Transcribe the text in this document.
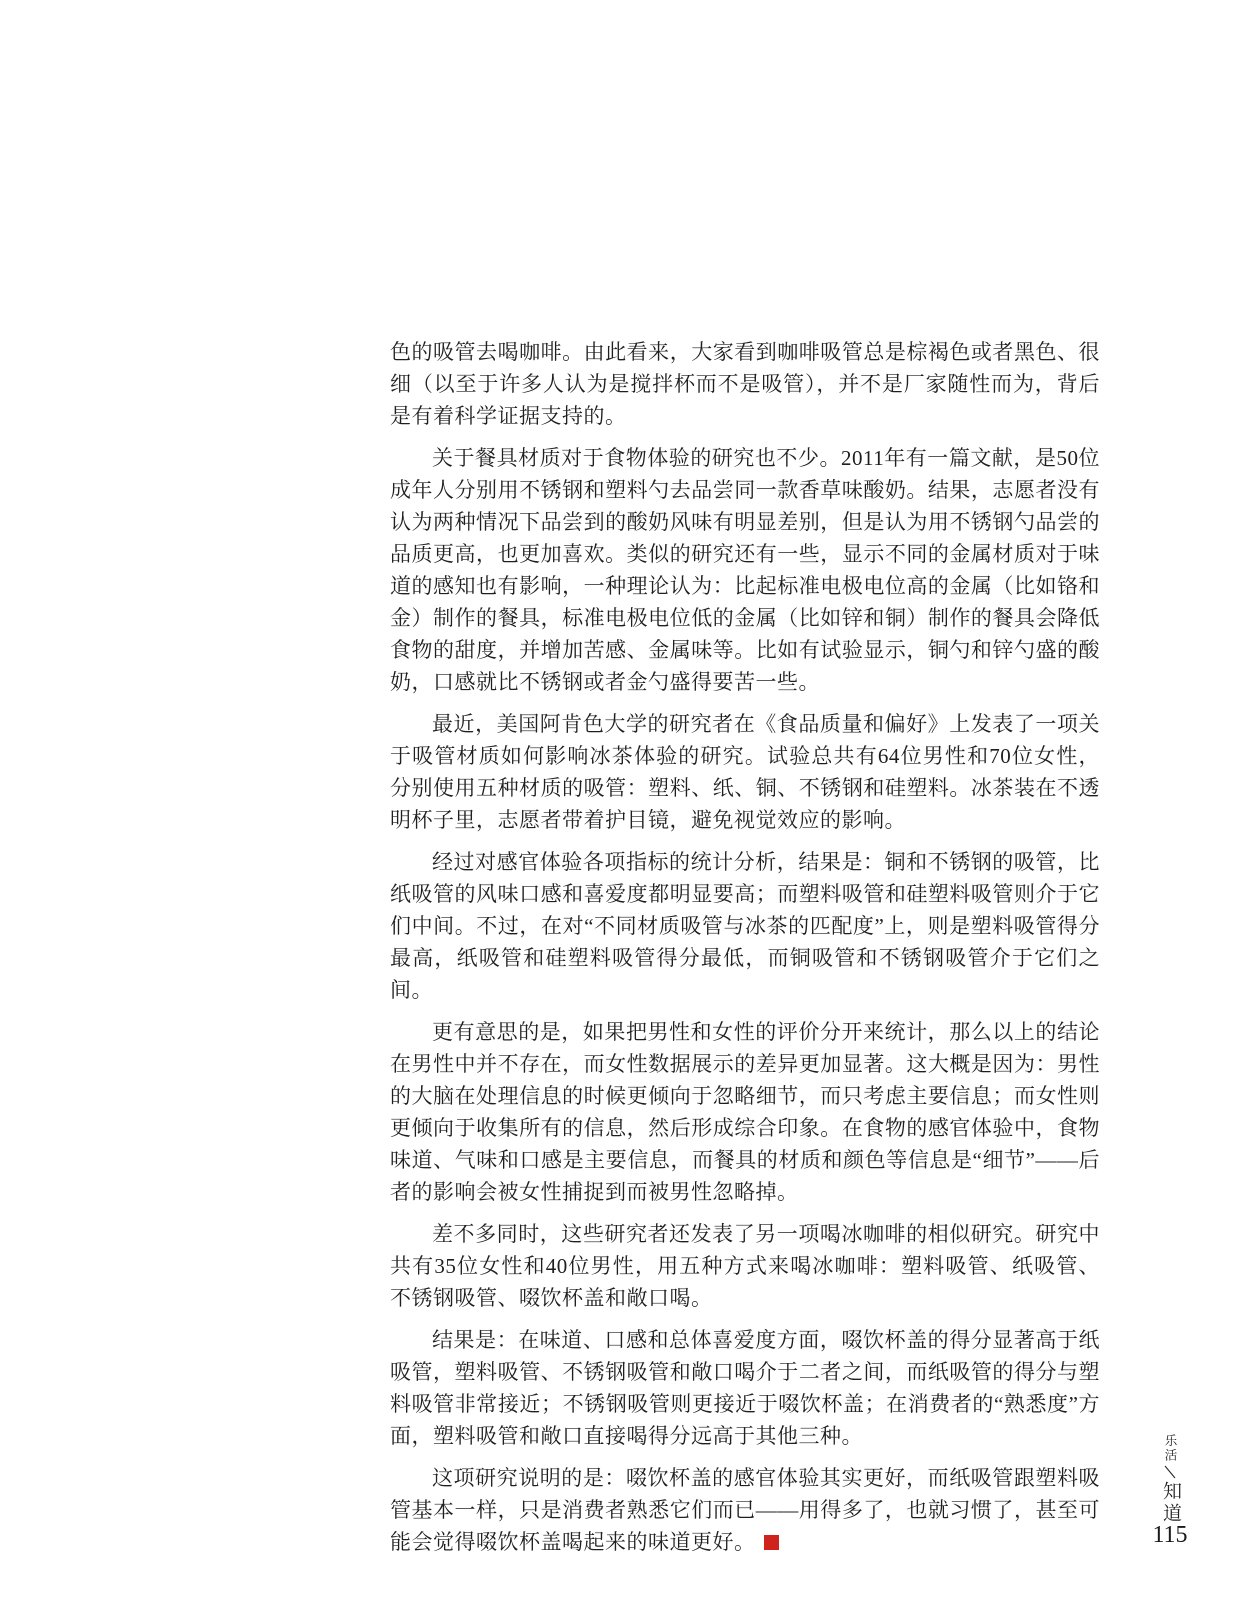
色的吸管去喝咖啡。由此看来，大家看到咖啡吸管总是棕褐色或者黑色、很细（以至于许多人认为是搅拌杯而不是吸管），并不是厂家随性而为，背后是有着科学证据支持的。

关于餐具材质对于食物体验的研究也不少。2011年有一篇文献，是50位成年人分别用不锈钢和塑料勺去品尝同一款香草味酸奶。结果，志愿者没有认为两种情况下品尝到的酸奶风味有明显差别，但是认为用不锈钢勺品尝的品质更高，也更加喜欢。类似的研究还有一些，显示不同的金属材质对于味道的感知也有影响，一种理论认为：比起标准电极电位高的金属（比如铬和金）制作的餐具，标准电极电位低的金属（比如锌和铜）制作的餐具会降低食物的甜度，并增加苦感、金属味等。比如有试验显示，铜勺和锌勺盛的酸奶，口感就比不锈钢或者金勺盛得要苦一些。

最近，美国阿肯色大学的研究者在《食品质量和偏好》上发表了一项关于吸管材质如何影响冰茶体验的研究。试验总共有64位男性和70位女性，分别使用五种材质的吸管：塑料、纸、铜、不锈钢和硅塑料。冰茶装在不透明杯子里，志愿者带着护目镜，避免视觉效应的影响。

经过对感官体验各项指标的统计分析，结果是：铜和不锈钢的吸管，比纸吸管的风味口感和喜爱度都明显要高；而塑料吸管和硅塑料吸管则介于它们中间。不过，在对“不同材质吸管与冰茶的匹配度”上，则是塑料吸管得分最高，纸吸管和硅塑料吸管得分最低，而铜吸管和不锈钢吸管介于它们之间。

更有意思的是，如果把男性和女性的评价分开来统计，那么以上的结论在男性中并不存在，而女性数据展示的差异更加显著。这大概是因为：男性的大脑在处理信息的时候更倾向于忽略细节，而只考虑主要信息；而女性则更倾向于收集所有的信息，然后形成综合印象。在食物的感官体验中，食物味道、气味和口感是主要信息，而餐具的材质和颜色等信息是“细节”——后者的影响会被女性捕捉到而被男性忽略掉。

差不多同时，这些研究者还发表了另一项喝冰咖啡的相似研究。研究中共有35位女性和40位男性，用五种方式来喝冰咖啡：塑料吸管、纸吸管、不锈钢吸管、啜饮杯盖和敞口喝。

结果是：在味道、口感和总体喜爱度方面，啜饮杯盖的得分显著高于纸吸管，塑料吸管、不锈钢吸管和敞口喝介于二者之间，而纸吸管的得分与塑料吸管非常接近；不锈钢吸管则更接近于啜饮杯盖；在消费者的“熟悉度”方面，塑料吸管和敞口直接喝得分远高于其他三种。

这项研究说明的是：啜饮杯盖的感官体验其实更好，而纸吸管跟塑料吸管基本一样，只是消费者熟悉它们而已——用得多了，也就习惯了，甚至可能会觉得啜饮杯盖喝起来的味道更好。

乐活
知道
115
